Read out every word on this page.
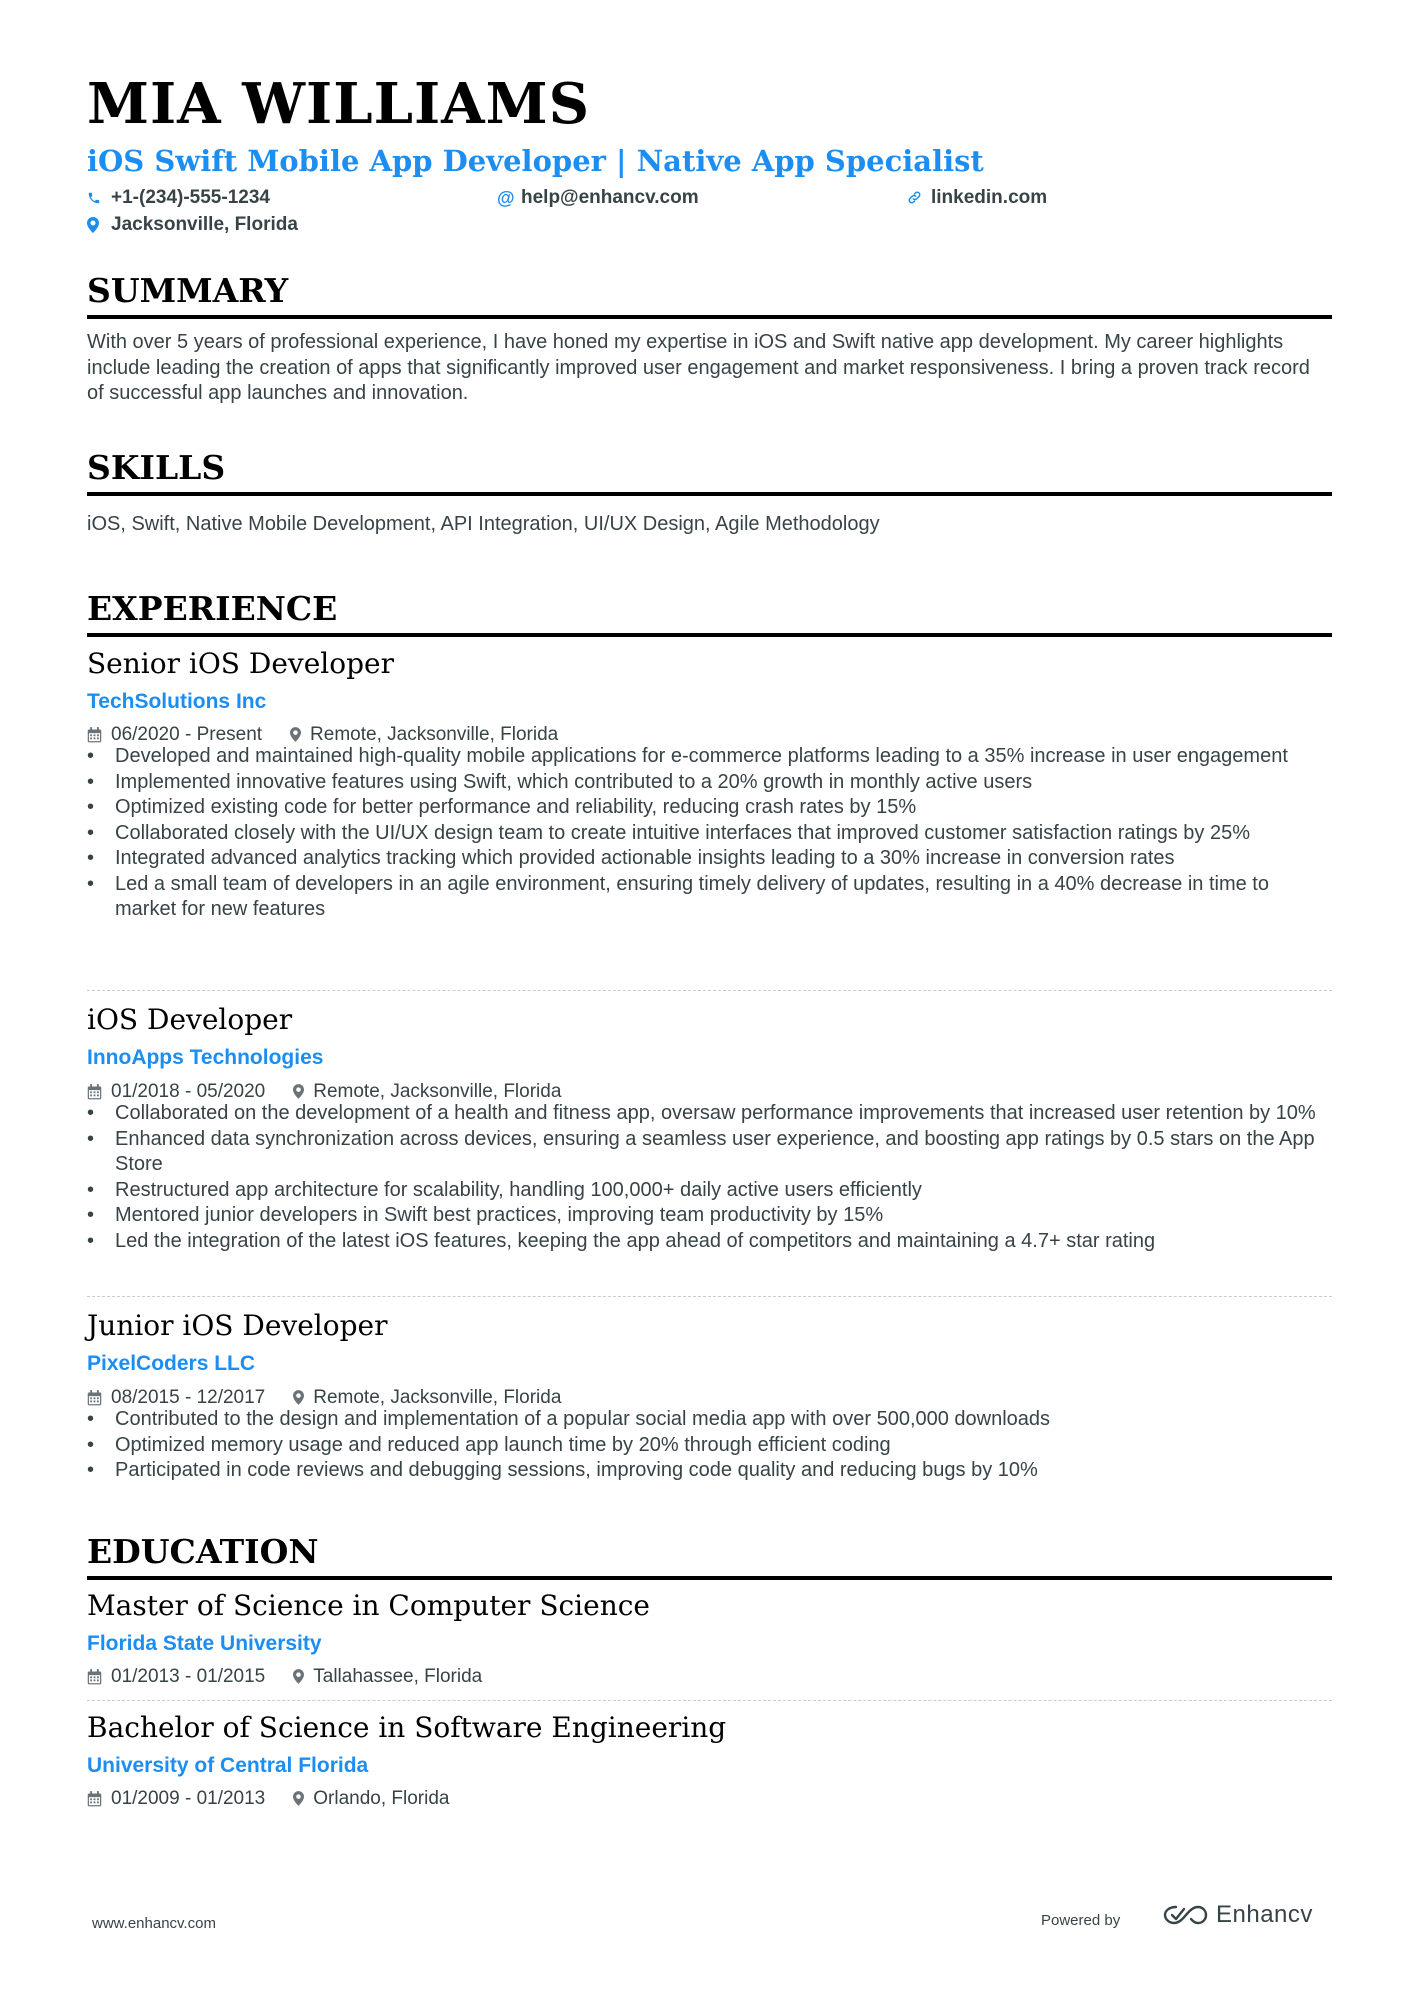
MIA WILLIAMS
iOS Swift Mobile App Developer | Native App Specialist
+1-(234)-555-1234	@ help@enhancv.com	linkedin.com
Jacksonville, Florida
SUMMARY
With over 5 years of professional experience, I have honed my expertise in iOS and Swift native app development. My career highlights include leading the creation of apps that significantly improved user engagement and market responsiveness. I bring a proven track record of successful app launches and innovation.
SKILLS
iOS, Swift, Native Mobile Development, API Integration, UI/UX Design, Agile Methodology
EXPERIENCE
Senior iOS Developer
TechSolutions Inc
06/2020 - Present	Remote, Jacksonville, Florida
• Developed and maintained high-quality mobile applications for e-commerce platforms leading to a 35% increase in user engagement
• Implemented innovative features using Swift, which contributed to a 20% growth in monthly active users
• Optimized existing code for better performance and reliability, reducing crash rates by 15%
• Collaborated closely with the UI/UX design team to create intuitive interfaces that improved customer satisfaction ratings by 25%
• Integrated advanced analytics tracking which provided actionable insights leading to a 30% increase in conversion rates
• Led a small team of developers in an agile environment, ensuring timely delivery of updates, resulting in a 40% decrease in time to market for new features
iOS Developer
InnoApps Technologies
01/2018 - 05/2020	Remote, Jacksonville, Florida
• Collaborated on the development of a health and fitness app, oversaw performance improvements that increased user retention by 10%
• Enhanced data synchronization across devices, ensuring a seamless user experience, and boosting app ratings by 0.5 stars on the App Store
• Restructured app architecture for scalability, handling 100,000+ daily active users efficiently
• Mentored junior developers in Swift best practices, improving team productivity by 15%
• Led the integration of the latest iOS features, keeping the app ahead of competitors and maintaining a 4.7+ star rating
Junior iOS Developer
PixelCoders LLC
08/2015 - 12/2017	Remote, Jacksonville, Florida
• Contributed to the design and implementation of a popular social media app with over 500,000 downloads
• Optimized memory usage and reduced app launch time by 20% through efficient coding
• Participated in code reviews and debugging sessions, improving code quality and reducing bugs by 10%
EDUCATION
Master of Science in Computer Science
Florida State University
01/2013 - 01/2015	Tallahassee, Florida
Bachelor of Science in Software Engineering
University of Central Florida
01/2009 - 01/2013	Orlando, Florida
www.enhancv.com	Powered by	Enhancv
